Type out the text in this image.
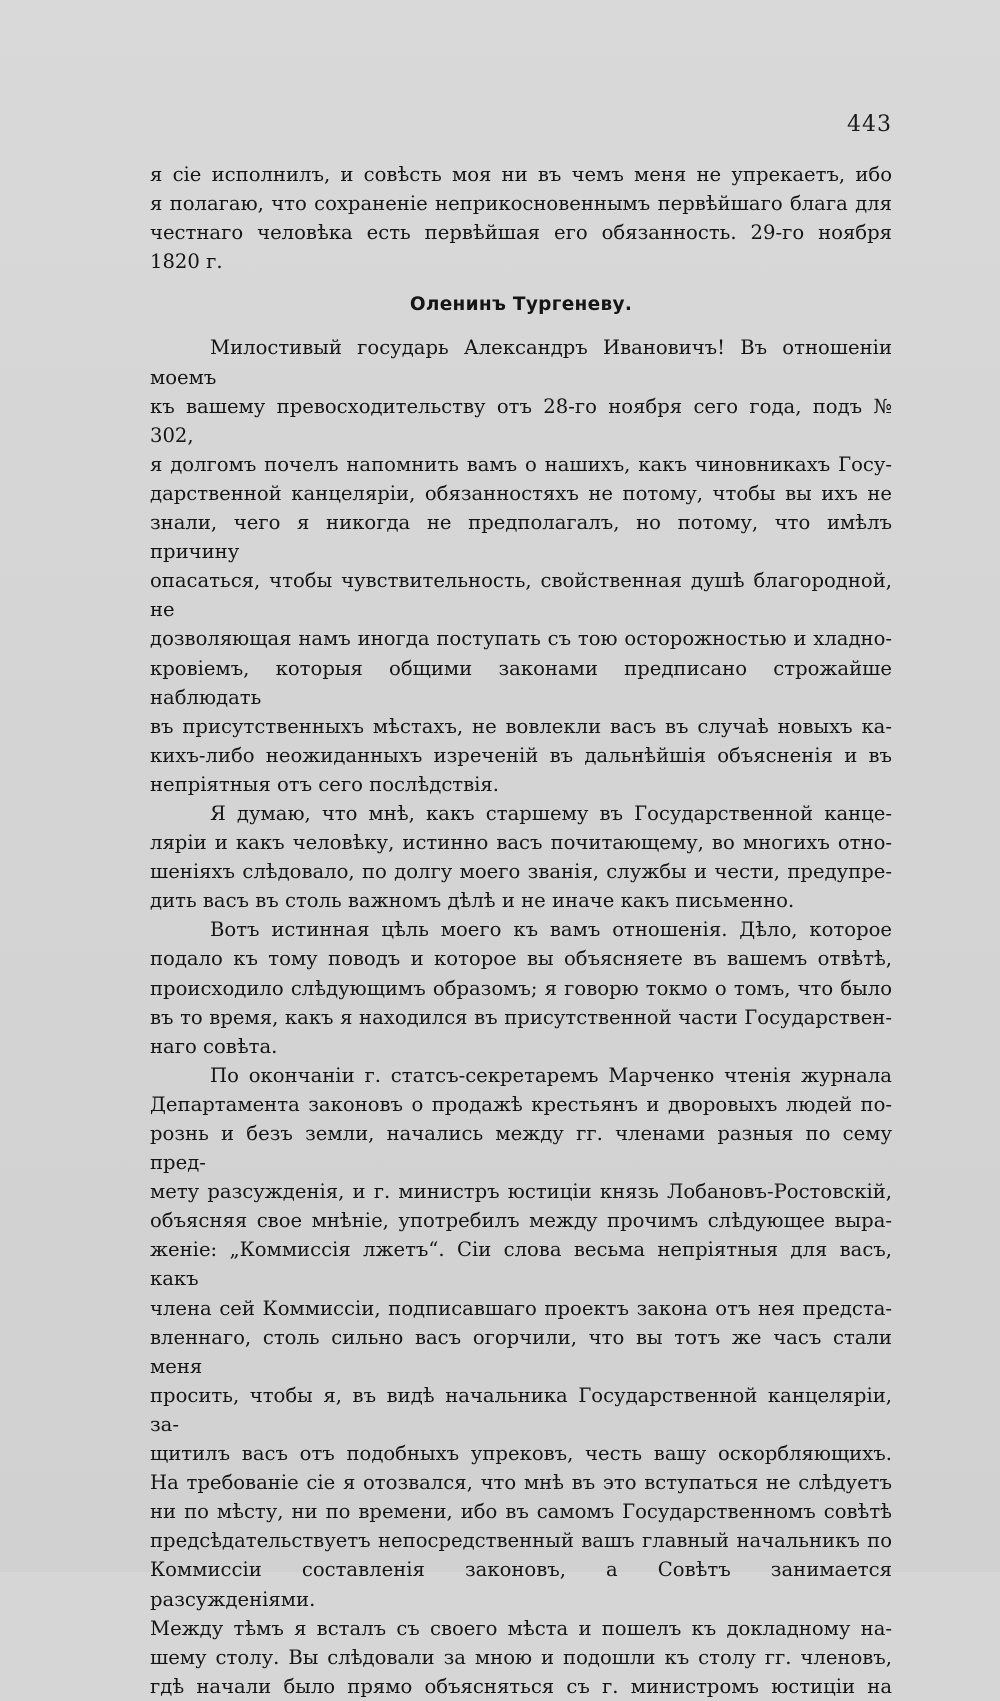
443

я сіе исполнилъ, и совѣсть моя ни въ чемъ меня не упрекаетъ, ибо
я полагаю, что сохраненіе неприкосновеннымъ первѣйшаго блага для
честнаго человѣка есть первѣйшая его обязанность. 29-го ноября 1820 г.

Оленинъ Тургеневу.

Милостивый государь Александръ Ивановичъ! Въ отношеніи моемъ
къ вашему превосходительству отъ 28-го ноября сего года, подъ № 302,
я долгомъ почелъ напомнить вамъ о нашихъ, какъ чиновникахъ Госу-
дарственной канцеляріи, обязанностяхъ не потому, чтобы вы ихъ не
знали, чего я никогда не предполагалъ, но потому, что имѣлъ причину
опасаться, чтобы чувствительность, свойственная душѣ благородной, не
дозволяющая намъ иногда поступать съ тою осторожностью и хладно-
кровіемъ, которыя общими законами предписано строжайше наблюдать
въ присутственныхъ мѣстахъ, не вовлекли васъ въ случаѣ новыхъ ка-
кихъ-либо неожиданныхъ изреченій въ дальнѣйшія объясненія и въ
непріятныя отъ сего послѣдствія.

Я думаю, что мнѣ, какъ старшему въ Государственной канце-
ляріи и какъ человѣку, истинно васъ почитающему, во многихъ отно-
шеніяхъ слѣдовало, по долгу моего званія, службы и чести, предупре-
дить васъ въ столь важномъ дѣлѣ и не иначе какъ письменно.

Вотъ истинная цѣль моего къ вамъ отношенія. Дѣло, которое
подало къ тому поводъ и которое вы объясняете въ вашемъ отвѣтѣ,
происходило слѣдующимъ образомъ; я говорю токмо о томъ, что было
въ то время, какъ я находился въ присутственной части Государствен-
наго совѣта.

По окончаніи г. статсъ-секретаремъ Марченко чтенія журнала
Департамента законовъ о продажѣ крестьянъ и дворовыхъ людей по-
рознь и безъ земли, начались между гг. членами разныя по сему пред-
мету разсужденія, и г. министръ юстиціи князь Лобановъ-Ростовскій,
объясняя свое мнѣніе, употребилъ между прочимъ слѣдующее выра-
женіе: „Коммиссія лжетъ“. Сіи слова весьма непріятныя для васъ, какъ
члена сей Коммиссіи, подписавшаго проектъ закона отъ нея предста-
вленнаго, столь сильно васъ огорчили, что вы тотъ же часъ стали меня
просить, чтобы я, въ видѣ начальника Государственной канцеляріи, за-
щитилъ васъ отъ подобныхъ упрековъ, честь вашу оскорбляющихъ.
На требованіе сіе я отозвался, что мнѣ въ это вступаться не слѣдуетъ
ни по мѣсту, ни по времени, ибо въ самомъ Государственномъ совѣтѣ
предсѣдательствуетъ непосредственный вашъ главный начальникъ по
Коммиссіи составленія законовъ, а Совѣтъ занимается разсужденіями.
Между тѣмъ я всталъ съ своего мѣста и пошелъ къ докладному на-
шему столу. Вы слѣдовали за мною и подошли къ столу гг. членовъ,
гдѣ начали было прямо объясняться съ г. министромъ юстиціи на
